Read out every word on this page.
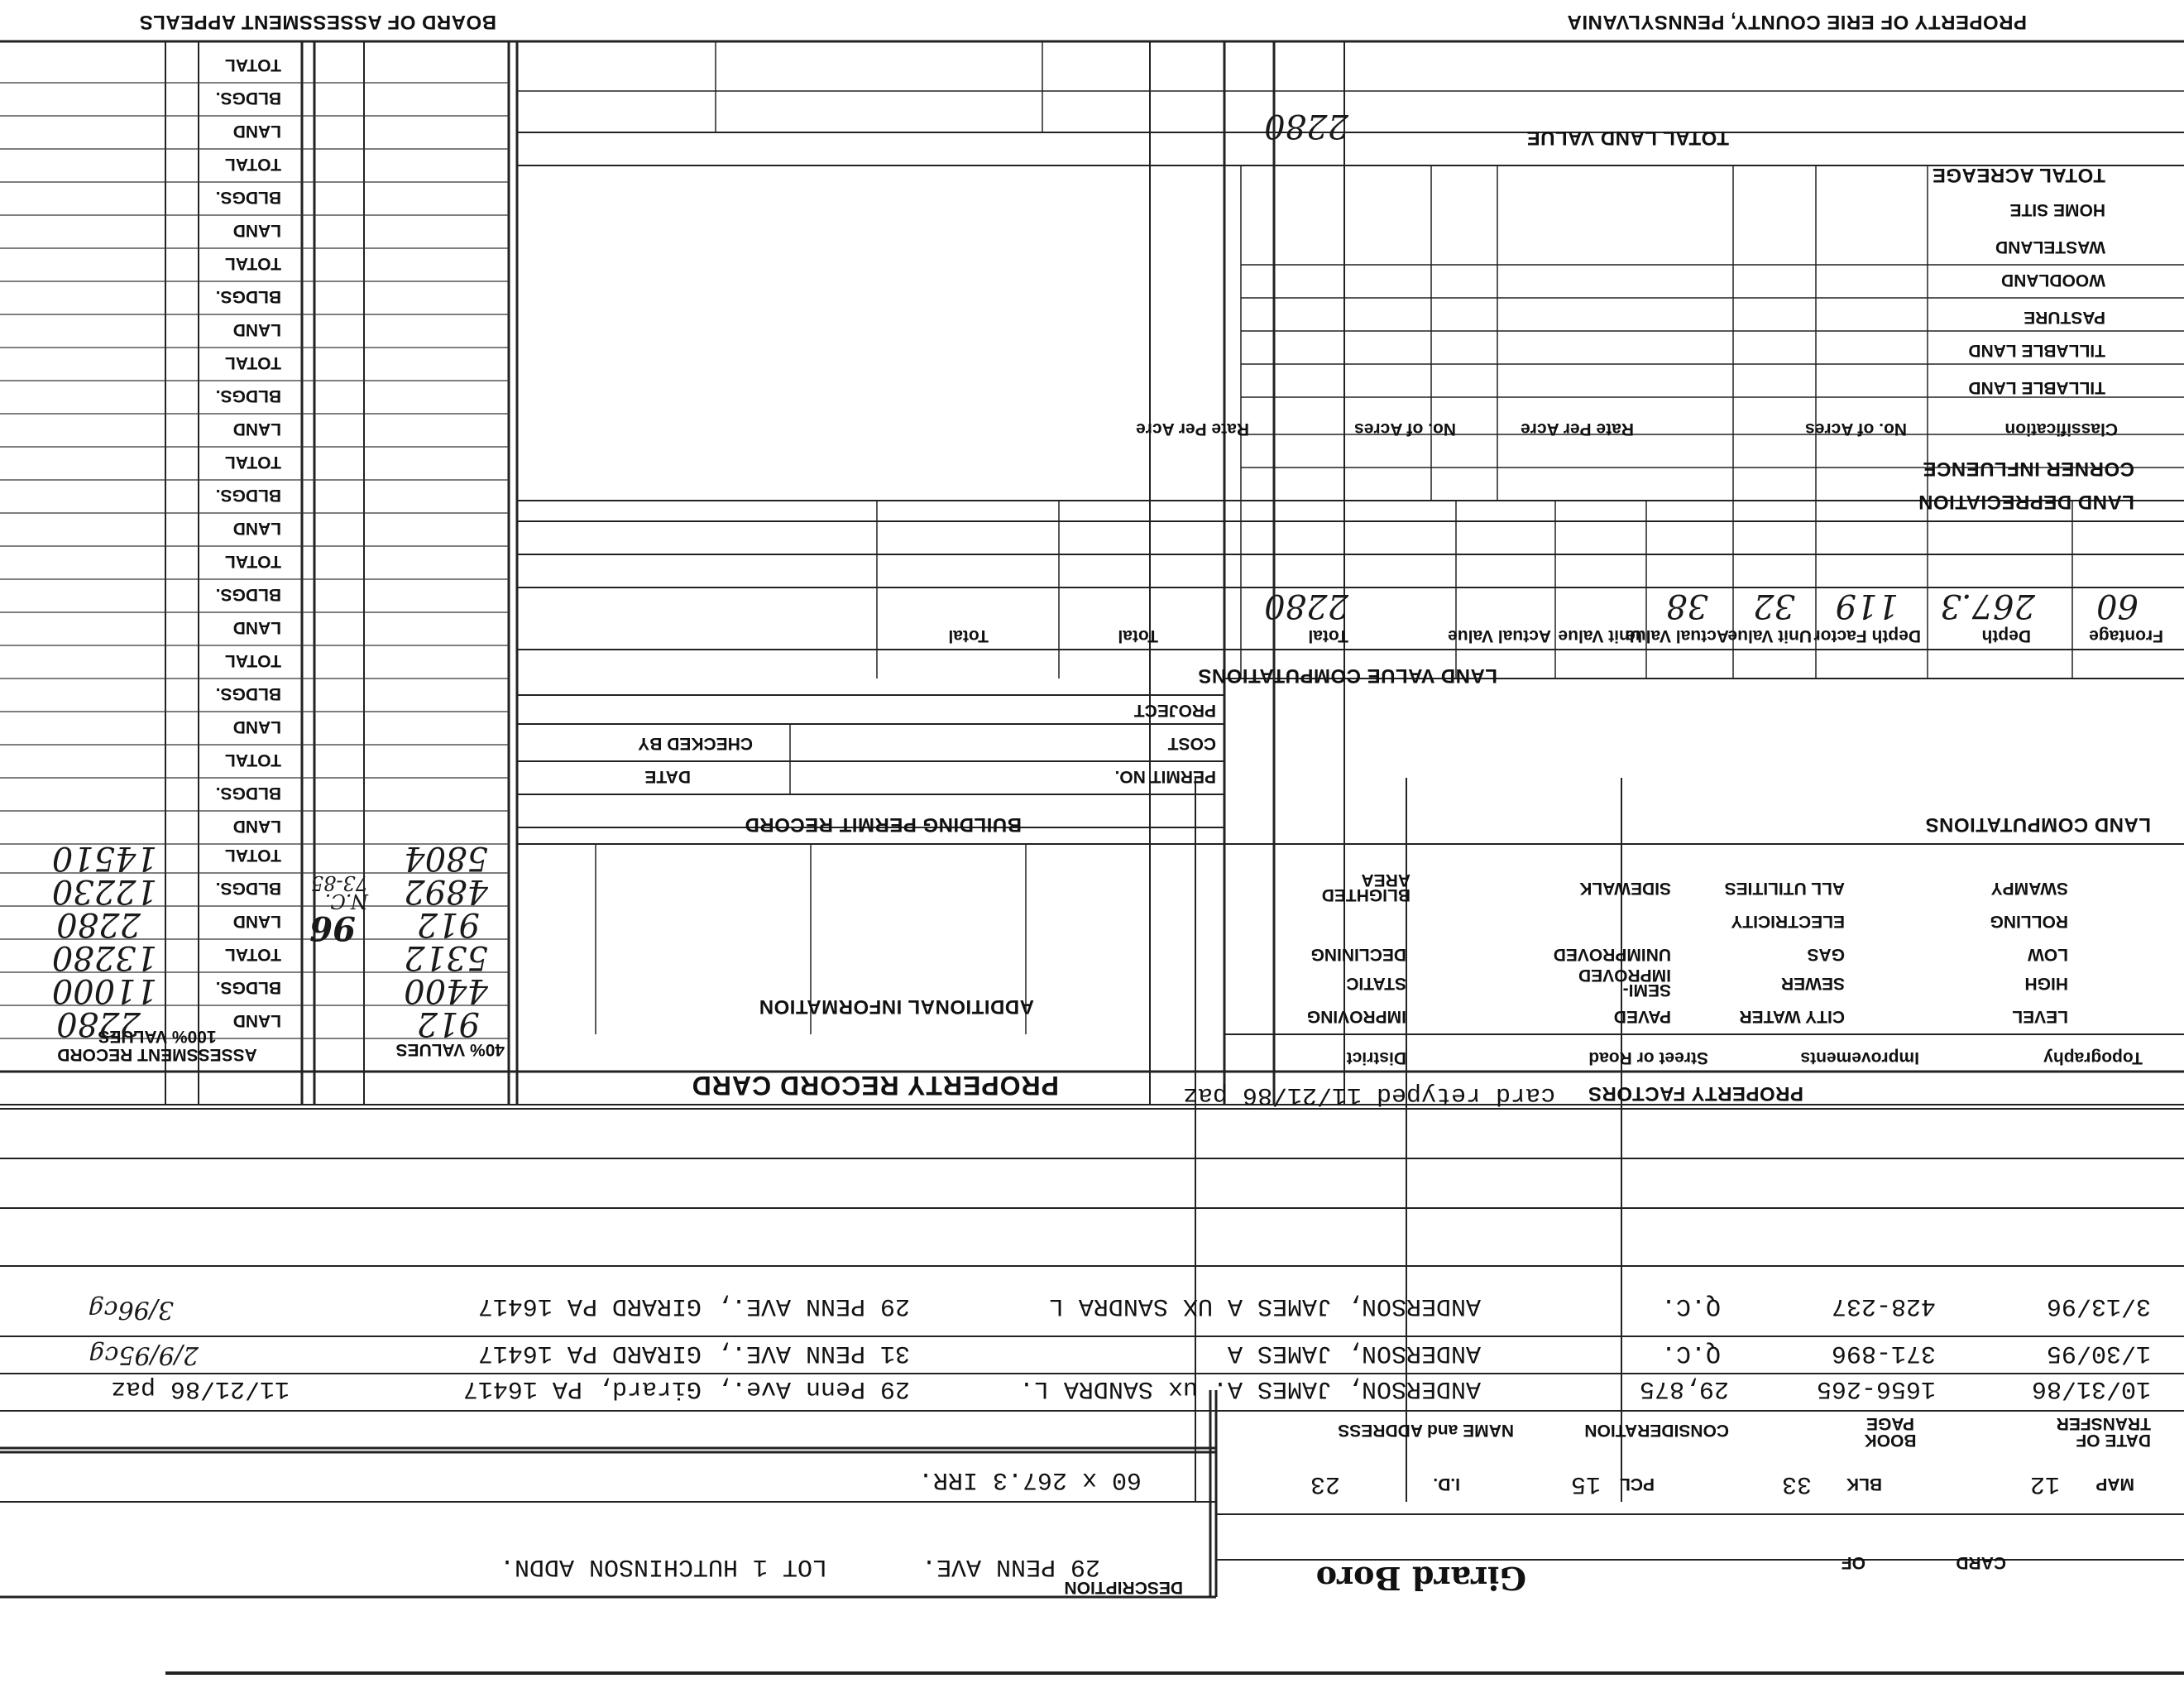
PROPERTY OF ERIE COUNTY, PENNSYLVANIA
BOARD OF ASSESSMENT APPEALS
Girard Boro	CARD
OF
DESCRIPTION
29 PENN AVE.
LOT 1 HUTCHINSON ADDN.
MAP
12
BLK
33
PCL
15
I.D.
23
60 x 267.3 IRR.
DATE OF TRANSFER
BOOK PAGE
CONSIDERATION
NAME and ADDRESS
10/31/86
1656-265
29,875
ANDERSON, JAMES A. ux SANDRA L.
29 Penn Ave., Girard, PA 16417
11/21/86 paz
1/30/95
371-896
Q.C.
ANDERSON, JAMES A
31 PENN AVE., GIRARD PA 16417
2/9/95cg
3/13/96
428-237
Q.C.
ANDERSON, JAMES A UX SANDRA L
29 PENN AVE., GIRARD PA 16417
3/96cg
PROPERTY FACTORS
card retyped 11/21/86 paz
PROPERTY RECORD CARD
40% VALUES
ASSESSMENT RECORD 100% VALUES
Topography
Improvements
Street or Road
District
LEVEL
HIGH
LOW
ROLLING
SWAMPY
CITY WATER
SEWER
GAS
ELECTRICITY
ALL UTILITIES
PAVED
SEMI-IMPROVED
UNIMPROVED
SIDEWALK
IMPROVING
STATIC
DECLINING
BLIGHTED AREA
ADDITIONAL INFORMATION
LAND COMPUTATIONS
BUILDING PERMIT RECORD
PERMIT NO.
DATE
COST
CHECKED BY
PROJECT
LAND VALUE COMPUTATIONS
Frontage
Depth
Depth Factor
Unit Value
Actual Value
Unit Value
Actual Value
Total
Total
Total
60
267.3
119
32
38
2280
LAND DEPRECIATION
CORNER INFLUENCE
Classification
No. of Acres
Rate Per Acre
No. of Acres
Rate Per Acre
TILLABLE LAND
TILLABLE LAND
PASTURE
WOODLAND
WASTELAND
HOME SITE
TOTAL ACREAGE
TOTAL LAND VALUE
2280
LAND
BLDGS.
TOTAL
LAND
BLDGS.
TOTAL
LAND
BLDGS.
TOTAL
LAND
BLDGS.
TOTAL
LAND
BLDGS.
TOTAL
LAND
BLDGS.
TOTAL
LAND
BLDGS.
TOTAL
LAND
BLDGS.
TOTAL
LAND
BLDGS.
TOTAL
LAND
BLDGS.
TOTAL
912
4400
5312
2280
11000
13280
912
4892
5804
N.C. 73-85
96
2280
12230
14510
